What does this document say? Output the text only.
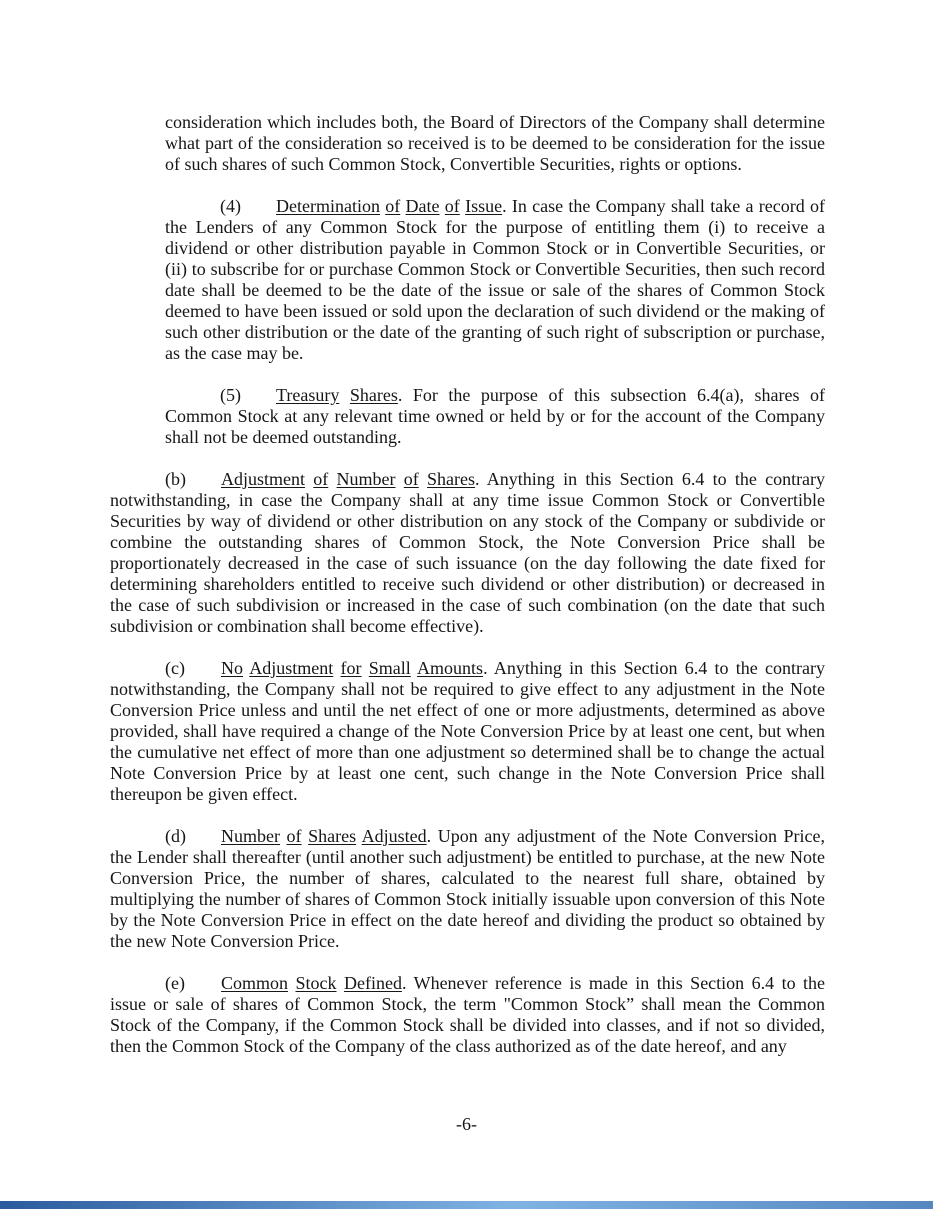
consideration which includes both, the Board of Directors of the Company shall determine what part of the consideration so received is to be deemed to be consideration for the issue of such shares of such Common Stock, Convertible Securities, rights or options.

(4) Determination of Date of Issue. In case the Company shall take a record of the Lenders of any Common Stock for the purpose of entitling them (i) to receive a dividend or other distribution payable in Common Stock or in Convertible Securities, or (ii) to subscribe for or purchase Common Stock or Convertible Securities, then such record date shall be deemed to be the date of the issue or sale of the shares of Common Stock deemed to have been issued or sold upon the declaration of such dividend or the making of such other distribution or the date of the granting of such right of subscription or purchase, as the case may be.

(5) Treasury Shares. For the purpose of this subsection 6.4(a), shares of Common Stock at any relevant time owned or held by or for the account of the Company shall not be deemed outstanding.

(b) Adjustment of Number of Shares. Anything in this Section 6.4 to the contrary notwithstanding, in case the Company shall at any time issue Common Stock or Convertible Securities by way of dividend or other distribution on any stock of the Company or subdivide or combine the outstanding shares of Common Stock, the Note Conversion Price shall be proportionately decreased in the case of such issuance (on the day following the date fixed for determining shareholders entitled to receive such dividend or other distribution) or decreased in the case of such subdivision or increased in the case of such combination (on the date that such subdivision or combination shall become effective).

(c) No Adjustment for Small Amounts. Anything in this Section 6.4 to the contrary notwithstanding, the Company shall not be required to give effect to any adjustment in the Note Conversion Price unless and until the net effect of one or more adjustments, determined as above provided, shall have required a change of the Note Conversion Price by at least one cent, but when the cumulative net effect of more than one adjustment so determined shall be to change the actual Note Conversion Price by at least one cent, such change in the Note Conversion Price shall thereupon be given effect.

(d) Number of Shares Adjusted. Upon any adjustment of the Note Conversion Price, the Lender shall thereafter (until another such adjustment) be entitled to purchase, at the new Note Conversion Price, the number of shares, calculated to the nearest full share, obtained by multiplying the number of shares of Common Stock initially issuable upon conversion of this Note by the Note Conversion Price in effect on the date hereof and dividing the product so obtained by the new Note Conversion Price.

(e) Common Stock Defined. Whenever reference is made in this Section 6.4 to the issue or sale of shares of Common Stock, the term "Common Stock” shall mean the Common Stock of the Company, if the Common Stock shall be divided into classes, and if not so divided, then the Common Stock of the Company of the class authorized as of the date hereof, and any

-6-
